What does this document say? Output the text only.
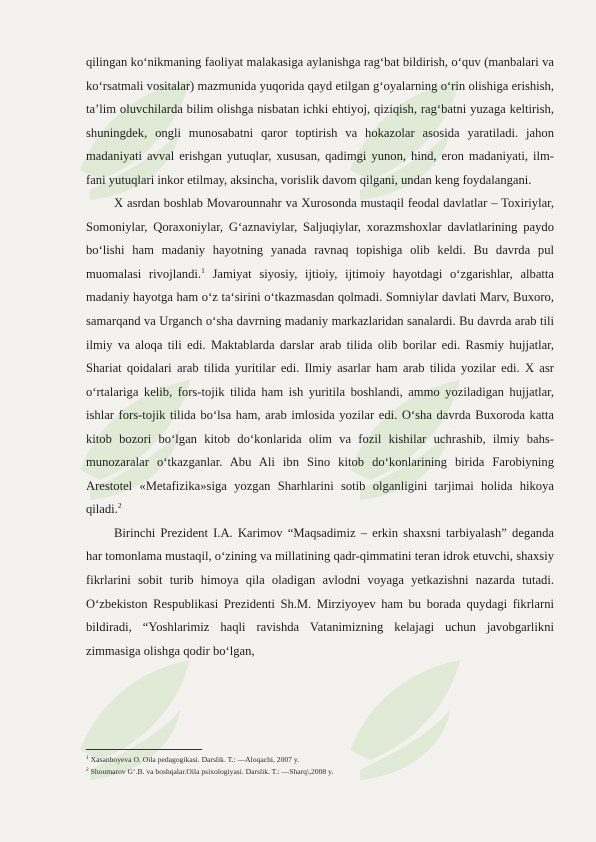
qilingan ko‘nikmaning faoliyat malakasiga aylanishga rag‘bat bildirish, o‘quv (manbalari va ko‘rsatmali vositalar) mazmunida yuqorida qayd etilgan g‘oyalarning o‘rin olishiga erishish, ta’lim oluvchilarda bilim olishga nisbatan ichki ehtiyoj, qiziqish, rag‘batni yuzaga keltirish, shuningdek, ongli munosabatni qaror toptirish va hokazolar asosida yaratiladi. jahon madaniyati avval erishgan yutuqlar, xususan, qadimgi yunon, hind, eron madaniyati, ilm-fani yutuqlari inkor etilmay, aksincha, vorislik davom qilgani, undan keng foydalangani.

X asrdan boshlab Movarounnahr va Xurosonda mustaqil feodal davlatlar – Toxiriylar, Somoniylar, Qoraxoniylar, G‘aznaviylar, Saljuqiylar, xorazmshoxlar davlatlarining paydo bo‘lishi ham madaniy hayotning yanada ravnaq topishiga olib keldi. Bu davrda pul muomalasi rivojlandi.$^1$ Jamiyat siyosiy, ijtioiy, ijtimoiy hayotdagi o‘zgarishlar, albatta madaniy hayotga ham o‘z ta‘sirini o‘tkazmasdan qolmadi. Somniylar davlati Marv, Buxoro, samarqand va Urganch o‘sha davrning madaniy markazlaridan sanalardi. Bu davrda arab tili ilmiy va aloqa tili edi. Maktablarda darslar arab tilida olib borilar edi. Rasmiy hujjatlar, Shariat qoidalari arab tilida yuritilar edi. Ilmiy asarlar ham arab tilida yozilar edi. X asr o‘rtalariga kelib, fors-tojik tilida ham ish yuritila boshlandi, ammo yoziladigan hujjatlar, ishlar fors-tojik tilida bo‘lsa ham, arab imlosida yozilar edi. O‘sha davrda Buxoroda katta kitob bozori bo‘lgan kitob do‘konlarida olim va fozil kishilar uchrashib, ilmiy bahs-munozaralar o‘tkazganlar. Abu Ali ibn Sino kitob do‘konlarining birida Farobiyning Arestotel «Metafizika»siga yozgan Sharhlarini sotib olganligini tarjimai holida hikoya qiladi.$^2$

Birinchi Prezident I.A. Karimov “Maqsadimiz – erkin shaxsni tarbiyalash” deganda har tomonlama mustaqil, o‘zining va millatining qadr-qimmatini teran idrok etuvchi, shaxsiy fikrlarini sobit turib himoya qila oladigan avlodni voyaga yetkazishni nazarda tutadi. O‘zbekiston Respublikasi Prezidenti Sh.M. Mirziyoyev ham bu borada quydagi fikrlarni bildiradi, “Yoshlarimiz haqli ravishda Vatanimizning kelajagi uchun javobgarlikni zimmasiga olishga qodir bo‘lgan,

$^1$ Xasanboyeva O. Oila pedagogikasi. Darslik. T.: —Aloqachi, 2007 y.
$^2$ Shoumarov G‘.B. va boshqalar.Oila psixologiyasi. Darslik. T.: —Sharq\,2008 y.
